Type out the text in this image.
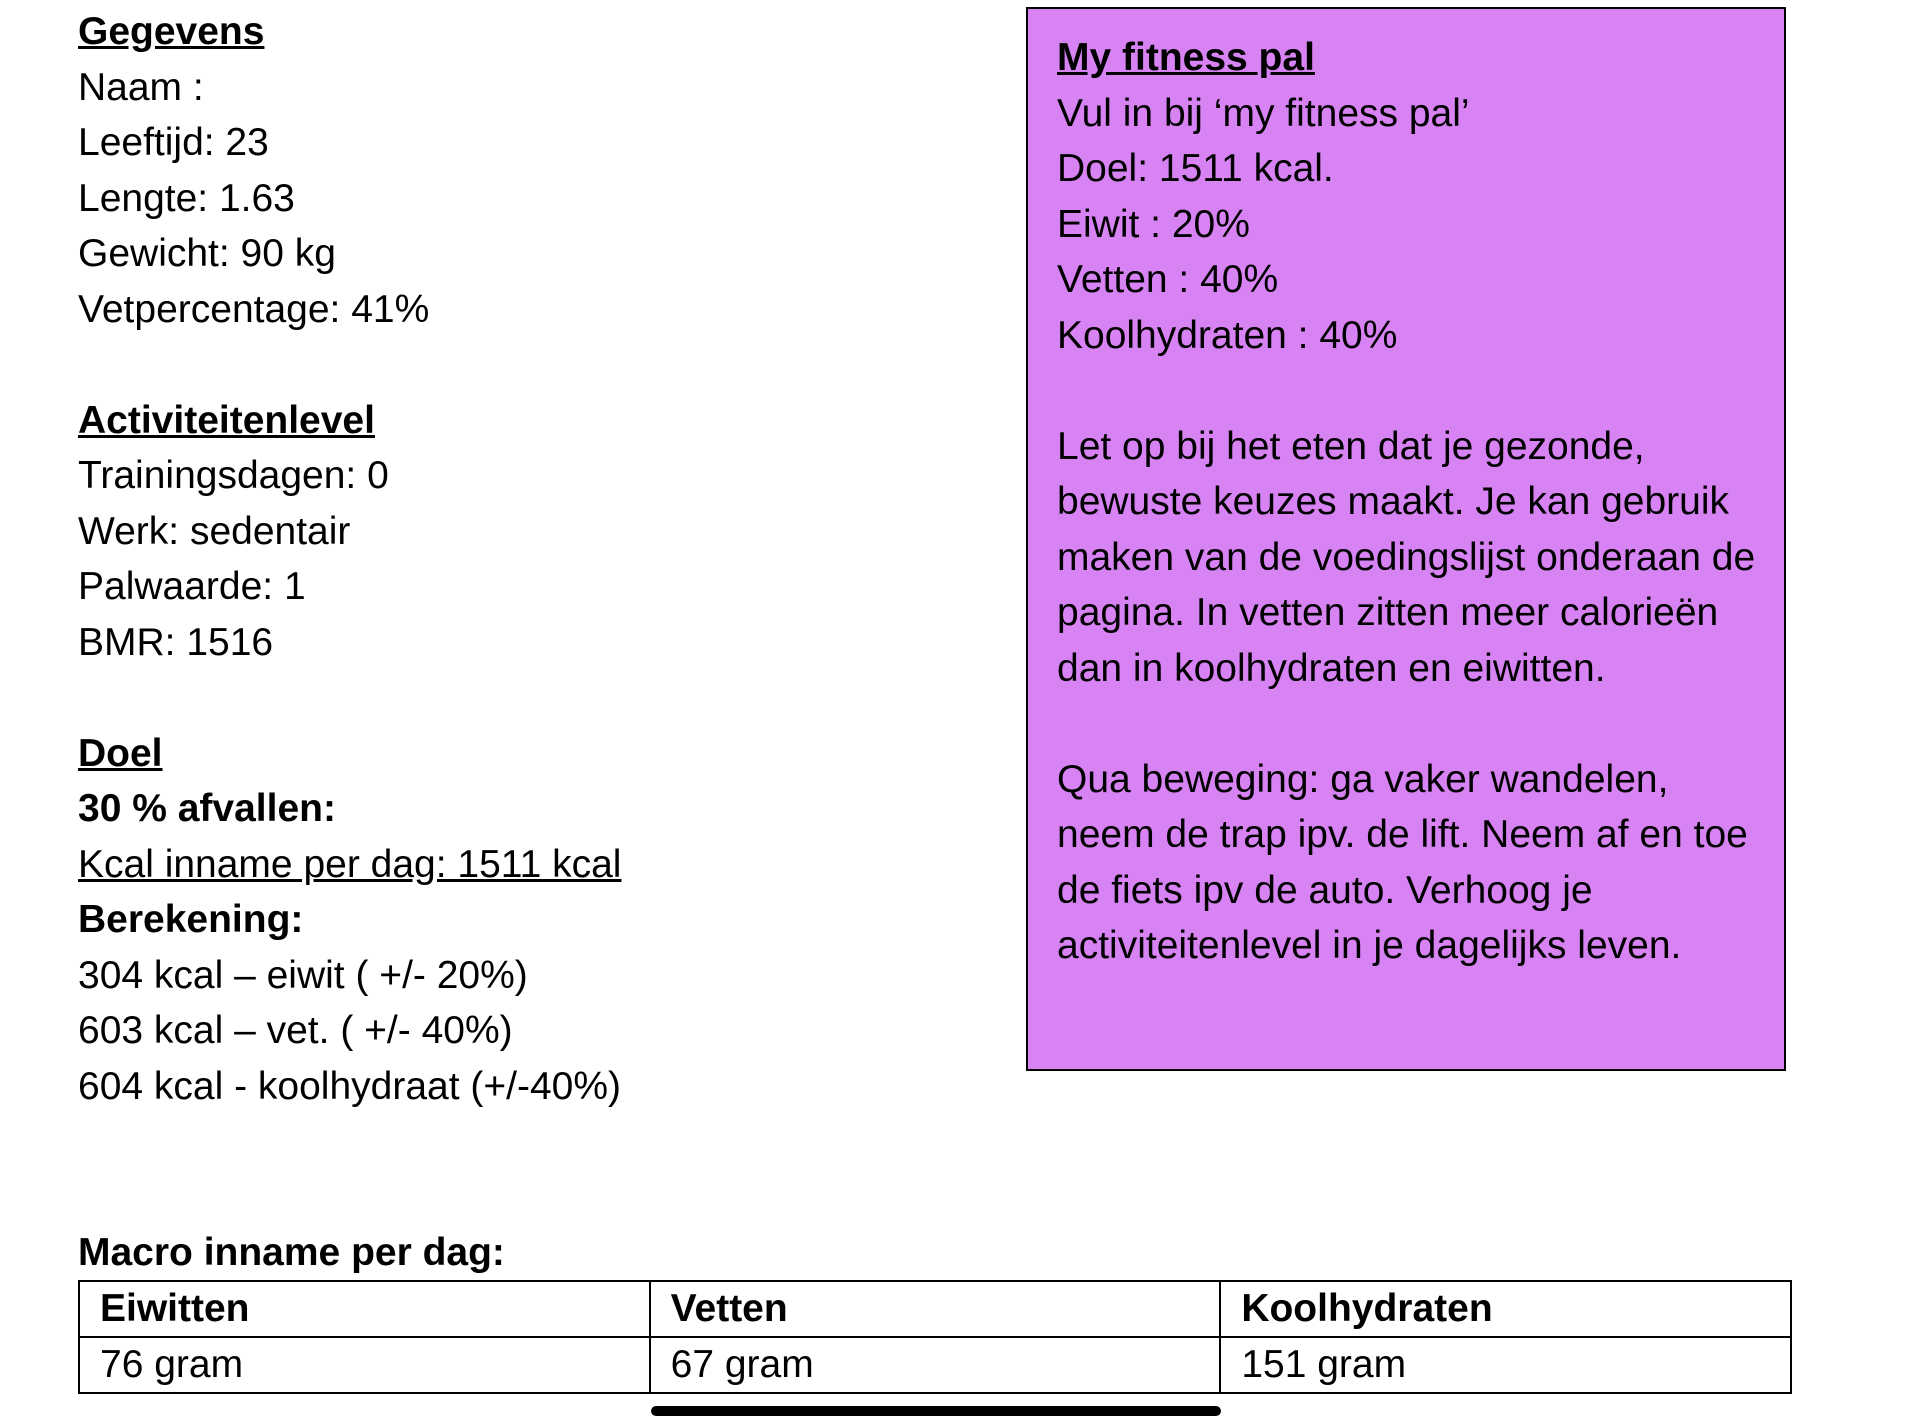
Gegevens

Naam :

Leeftijd: 23

Lengte: 1.63

Gewicht: 90 kg

Vetpercentage: 41%

Activiteitenlevel

Trainingsdagen: 0

Werk: sedentair

Palwaarde: 1

BMR: 1516

Doel

30 % afvallen:

Kcal inname per dag: 1511 kcal

Berekening:

304 kcal – eiwit ( +/- 20%)

603 kcal – vet. ( +/- 40%)

604 kcal - koolhydraat (+/-40%)

My fitness pal

Vul in bij ‘my fitness pal’

Doel: 1511 kcal.

Eiwit : 20%

Vetten : 40%

Koolhydraten : 40%

Let op bij het eten dat je gezonde, bewuste keuzes maakt. Je kan gebruik maken van de voedingslijst onderaan de pagina. In vetten zitten meer calorieën dan in koolhydraten en eiwitten.

Qua beweging: ga vaker wandelen, neem de trap ipv. de lift. Neem af en toe de fiets ipv de auto. Verhoog je activiteitenlevel in je dagelijks leven.

Macro inname per dag:
Eiwitten	Vetten	Koolhydraten
76 gram	67 gram	151 gram
